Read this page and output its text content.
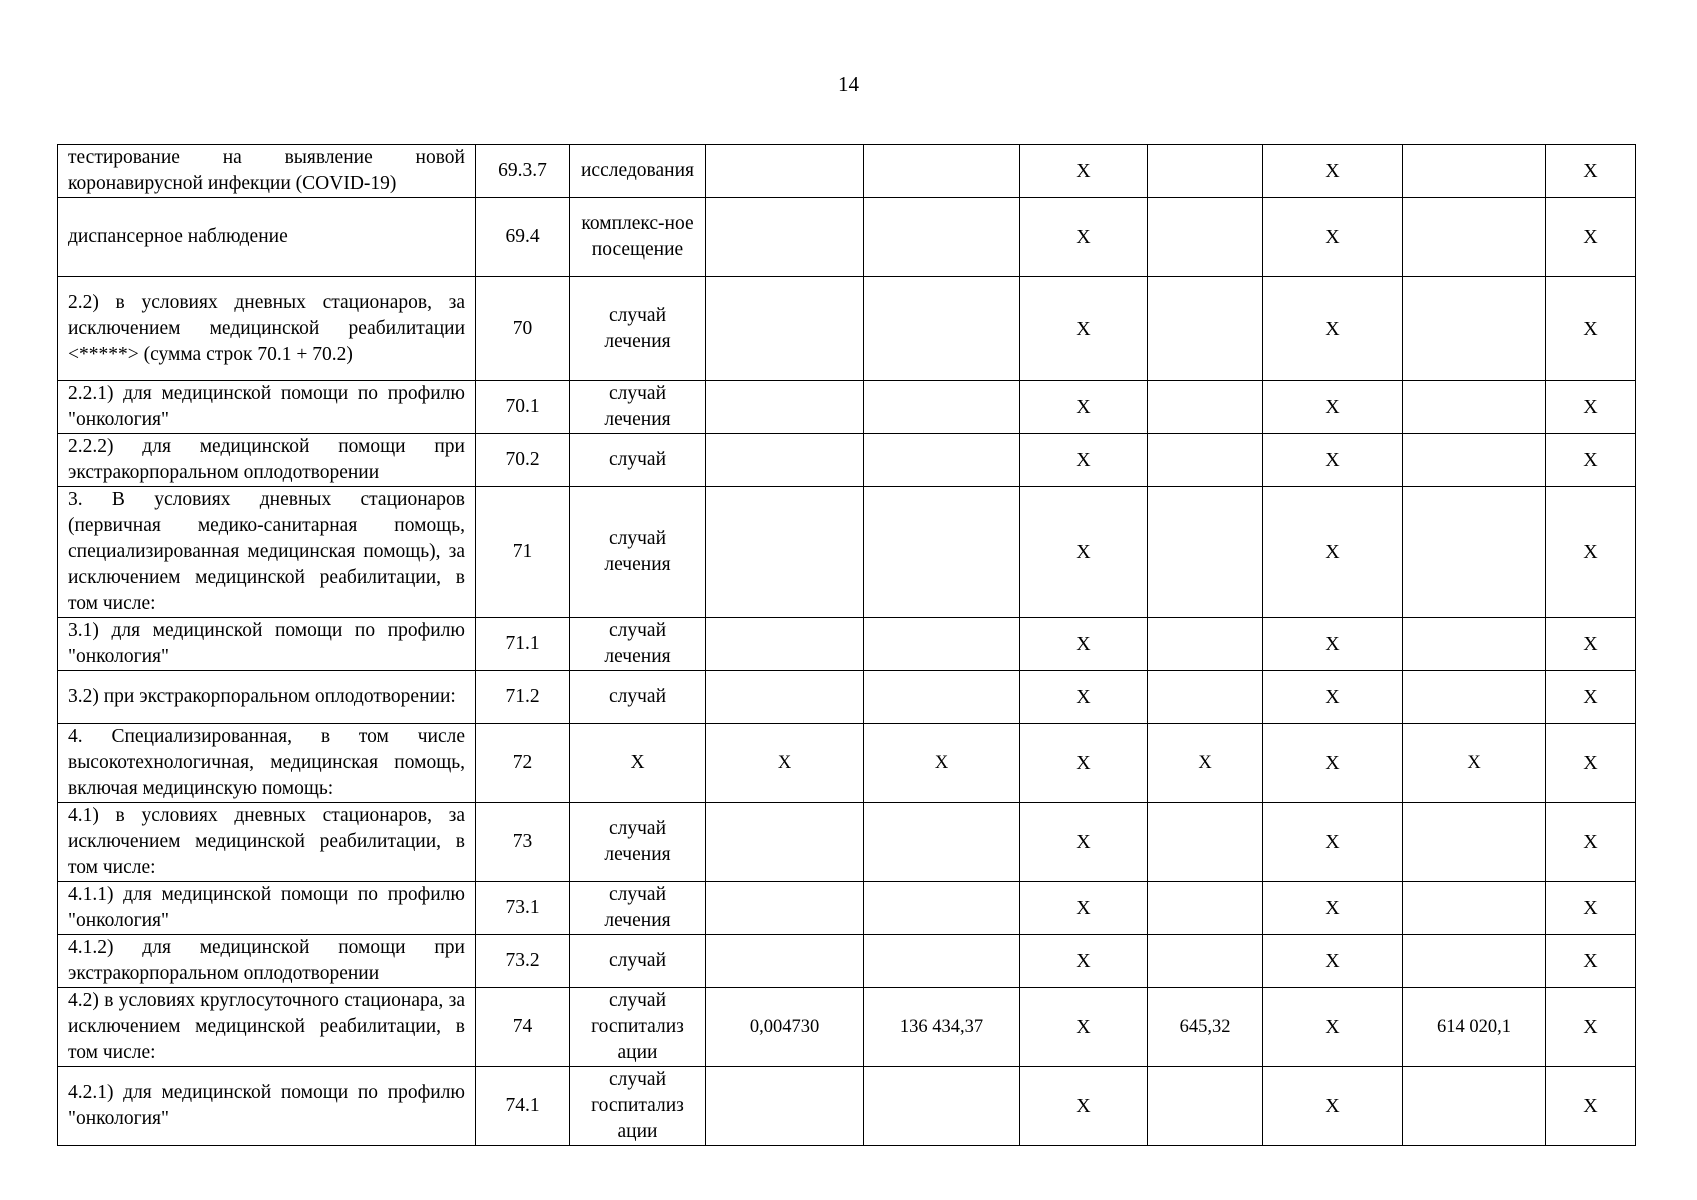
14
тестирование на выявление новой коронавирусной инфекции (COVID-19)	69.3.7	исследования			X		X		X
диспансерное наблюдение	69.4	комплекс-ное посещение			X		X		X
2.2) в условиях дневных стационаров, за исключением медицинской реабилитации <*****> (сумма строк 70.1 + 70.2)	70	случай лечения			X		X		X
2.2.1) для медицинской помощи по профилю "онкология"	70.1	случай лечения			X		X		X
2.2.2) для медицинской помощи при экстракорпоральном оплодотворении	70.2	случай			X		X		X
3. В условиях дневных стационаров (первичная медико-санитарная помощь, специализированная медицинская помощь), за исключением медицинской реабилитации, в том числе:	71	случай лечения			X		X		X
3.1) для медицинской помощи по профилю "онкология"	71.1	случай лечения			X		X		X
3.2) при экстракорпоральном оплодотворении:	71.2	случай			X		X		X
4. Специализированная, в том числе высокотехнологичная, медицинская помощь, включая медицинскую помощь:	72	X	X	X	X	X	X	X	X
4.1) в условиях дневных стационаров, за исключением медицинской реабилитации, в том числе:	73	случай лечения			X		X		X
4.1.1) для медицинской помощи по профилю "онкология"	73.1	случай лечения			X		X		X
4.1.2) для медицинской помощи при экстракорпоральном оплодотворении	73.2	случай			X		X		X
4.2) в условиях круглосуточного стационара, за исключением медицинской реабилитации, в том числе:	74	случай госпитализ ации	0,004730	136 434,37	X	645,32	X	614 020,1	X
4.2.1) для медицинской помощи по профилю "онкология"	74.1	случай госпитализ ации			X		X		X
